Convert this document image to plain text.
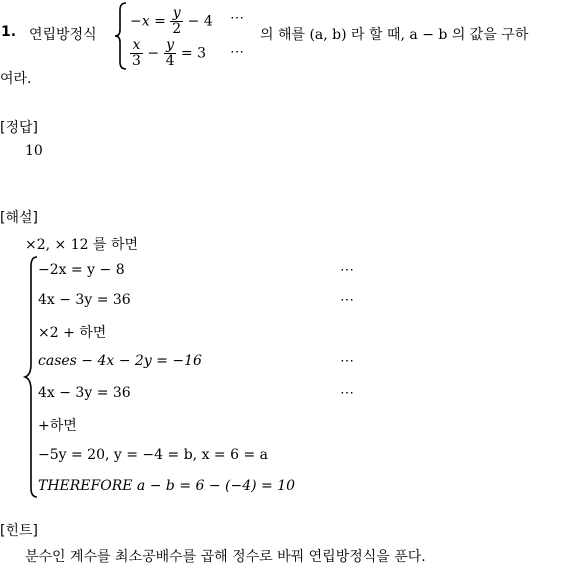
1. 연립방정식
$-x = \frac{y}{2} - 4$ ⋯
$\frac{x}{3} - \frac{y}{4} = 3$ ⋯
의 해를 (a, b) 라 할 때, a − b 의 값을 구하
여라.
[정답]
10
[해설]
×2, × 12 를 하면
−2x = y − 8	⋯
4x − 3y = 36	⋯
×2 + 하면
cases − 4x − 2y = −16	⋯
4x − 3y = 36	⋯
+하면
−5y = 20, y = −4 = b, x = 6 = a
THEREFORE a − b = 6 − (−4) = 10
[힌트]
분수인 계수를 최소공배수를 곱해 정수로 바꿔 연립방정식을 푼다.
